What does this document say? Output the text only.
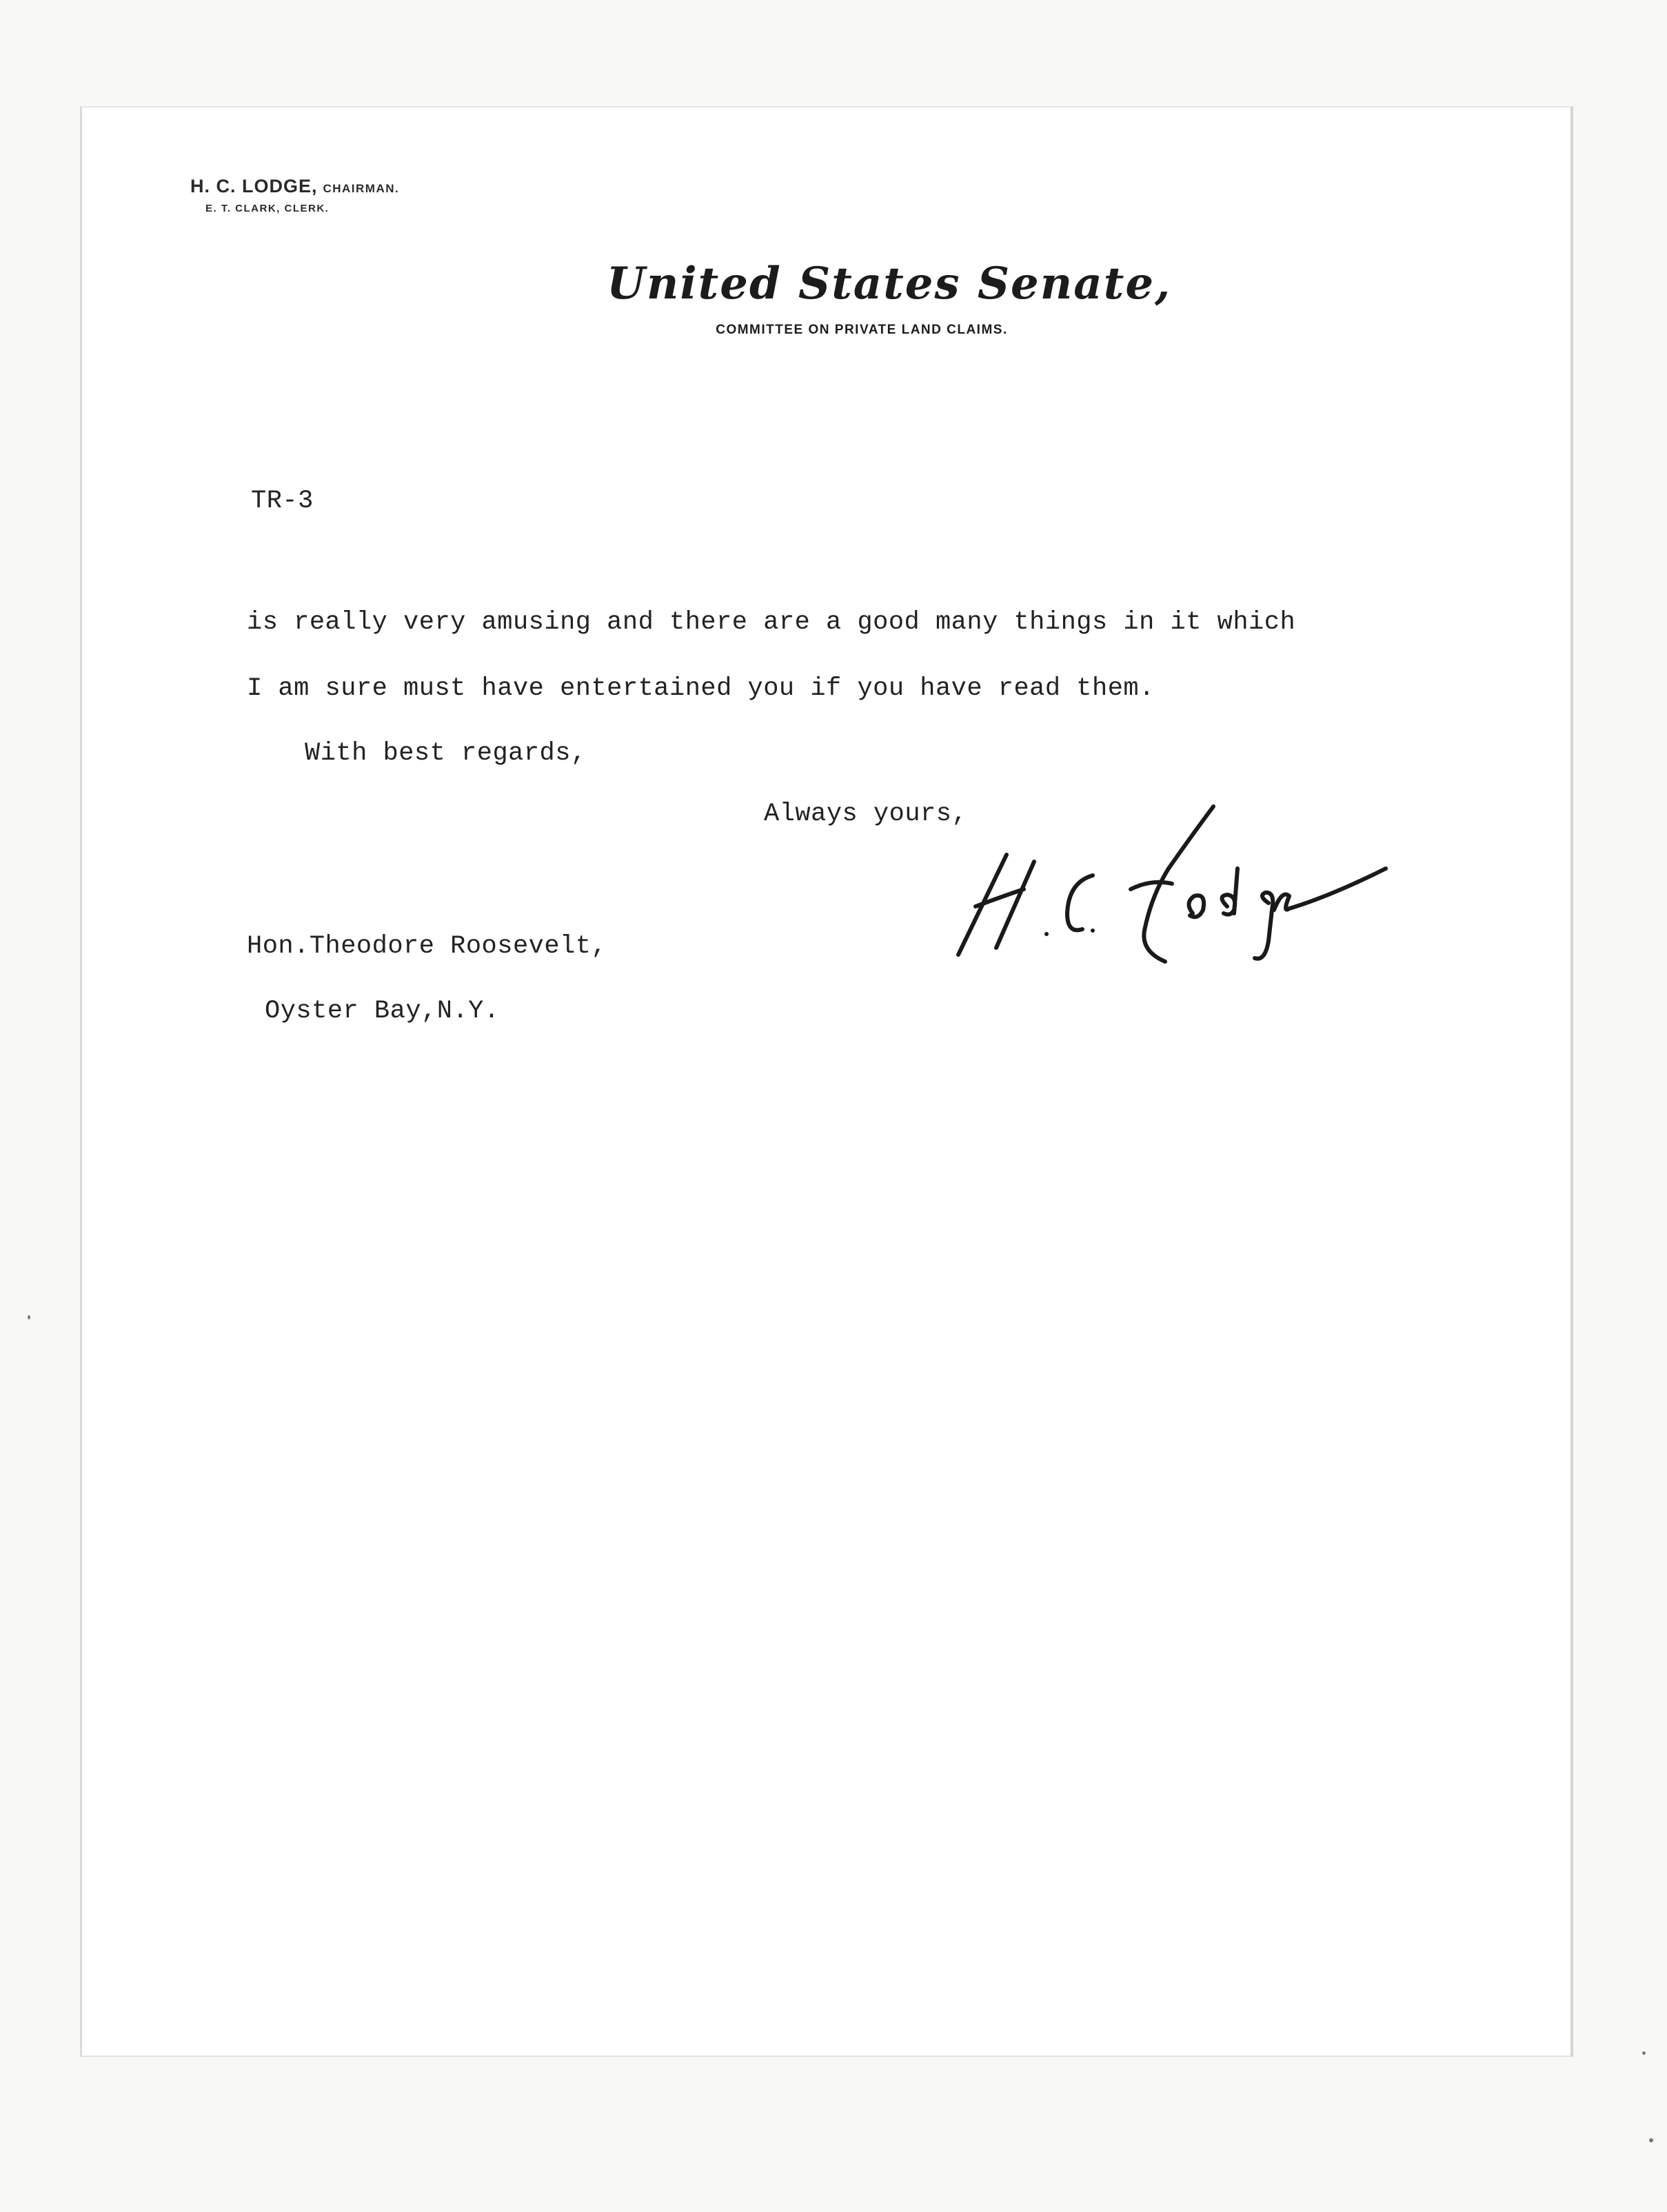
H. C. LODGE, CHAIRMAN.
E. T. CLARK, CLERK.
United States Senate,
COMMITTEE ON PRIVATE LAND CLAIMS.
TR-3
is really very amusing and there are a good many things in it which
I am sure must have entertained you if you have read them.
With best regards,
Always yours,
Hon.Theodore Roosevelt,
Oyster Bay,N.Y.
